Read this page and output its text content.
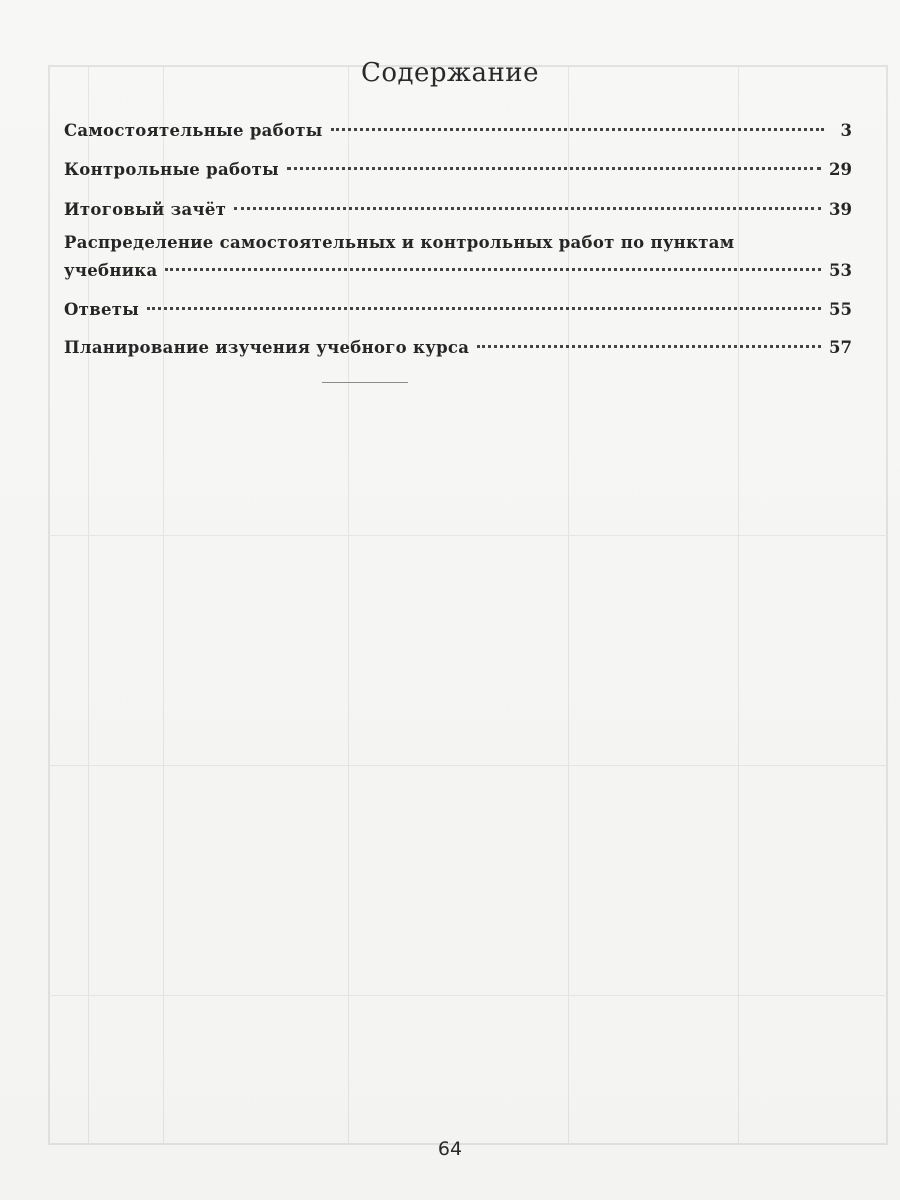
Содержание
Самостоятельные работы	3
Контрольные работы	29
Итоговый зачёт	39
Распределение самостоятельных и контрольных работ по пунктам
учебника	53
Ответы	55
Планирование изучения учебного курса	57
64
